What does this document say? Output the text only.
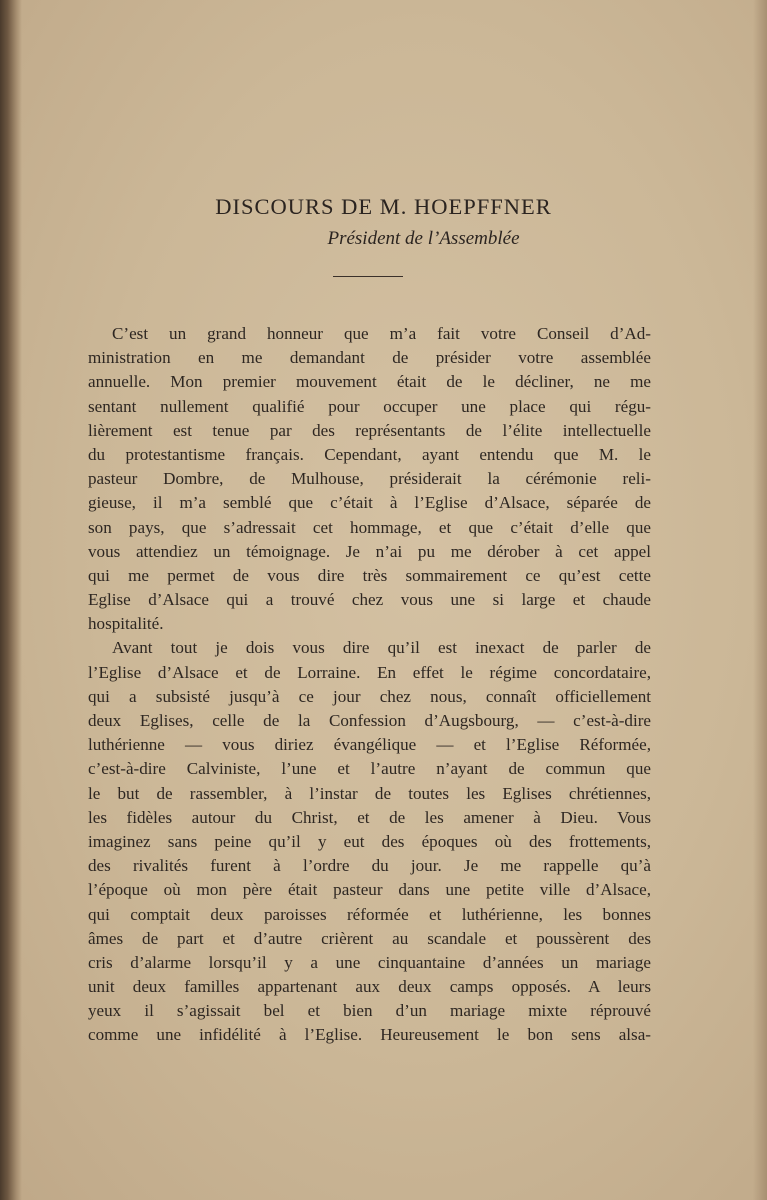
DISCOURS DE M. HOEPFFNER
Président de l’Assemblée
C’est un grand honneur que m’a fait votre Conseil d’Ad-
ministration en me demandant de présider votre assemblée
annuelle. Mon premier mouvement était de le décliner, ne me
sentant nullement qualifié pour occuper une place qui régu-
lièrement est tenue par des représentants de l’élite intellectuelle
du protestantisme français. Cependant, ayant entendu que M. le
pasteur Dombre, de Mulhouse, présiderait la cérémonie reli-
gieuse, il m’a semblé que c’était à l’Eglise d’Alsace, séparée de
son pays, que s’adressait cet hommage, et que c’était d’elle que
vous attendiez un témoignage. Je n’ai pu me dérober à cet appel
qui me permet de vous dire très sommairement ce qu’est cette
Eglise d’Alsace qui a trouvé chez vous une si large et chaude
hospitalité.
Avant tout je dois vous dire qu’il est inexact de parler de
l’Eglise d’Alsace et de Lorraine. En effet le régime concordataire,
qui a subsisté jusqu’à ce jour chez nous, connaît officiellement
deux Eglises, celle de la Confession d’Augsbourg, — c’est-à-dire
luthérienne — vous diriez évangélique — et l’Eglise Réformée,
c’est-à-dire Calviniste, l’une et l’autre n’ayant de commun que
le but de rassembler, à l’instar de toutes les Eglises chrétiennes,
les fidèles autour du Christ, et de les amener à Dieu. Vous
imaginez sans peine qu’il y eut des époques où des frottements,
des rivalités furent à l’ordre du jour. Je me rappelle qu’à
l’époque où mon père était pasteur dans une petite ville d’Alsace,
qui comptait deux paroisses réformée et luthérienne, les bonnes
âmes de part et d’autre crièrent au scandale et poussèrent des
cris d’alarme lorsqu’il y a une cinquantaine d’années un mariage
unit deux familles appartenant aux deux camps opposés. A leurs
yeux il s’agissait bel et bien d’un mariage mixte réprouvé
comme une infidélité à l’Eglise. Heureusement le bon sens alsa-
